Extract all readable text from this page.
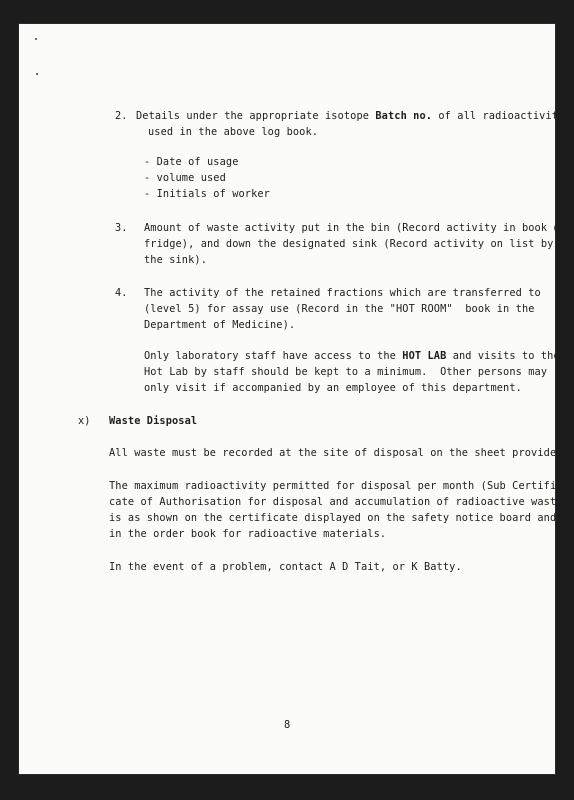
2. Details under the appropriate isotope Batch no. of all radioactivity
used in the above log book.
- Date of usage
- volume used
- Initials of worker
3. Amount of waste activity put in the bin (Record activity in book on
fridge), and down the designated sink (Record activity on list by
the sink).
4. The activity of the retained fractions which are transferred to
(level 5) for assay use (Record in the "HOT ROOM"  book in the
Department of Medicine).
Only laboratory staff have access to the HOT LAB and visits to the
Hot Lab by staff should be kept to a minimum.  Other persons may
only visit if accompanied by an employee of this department.
x) Waste Disposal
All waste must be recorded at the site of disposal on the sheet provided.
The maximum radioactivity permitted for disposal per month (Sub Certifi-
cate of Authorisation for disposal and accumulation of radioactive waste)
is as shown on the certificate displayed on the safety notice board and
in the order book for radioactive materials.
In the event of a problem, contact A D Tait, or K Batty.
8
